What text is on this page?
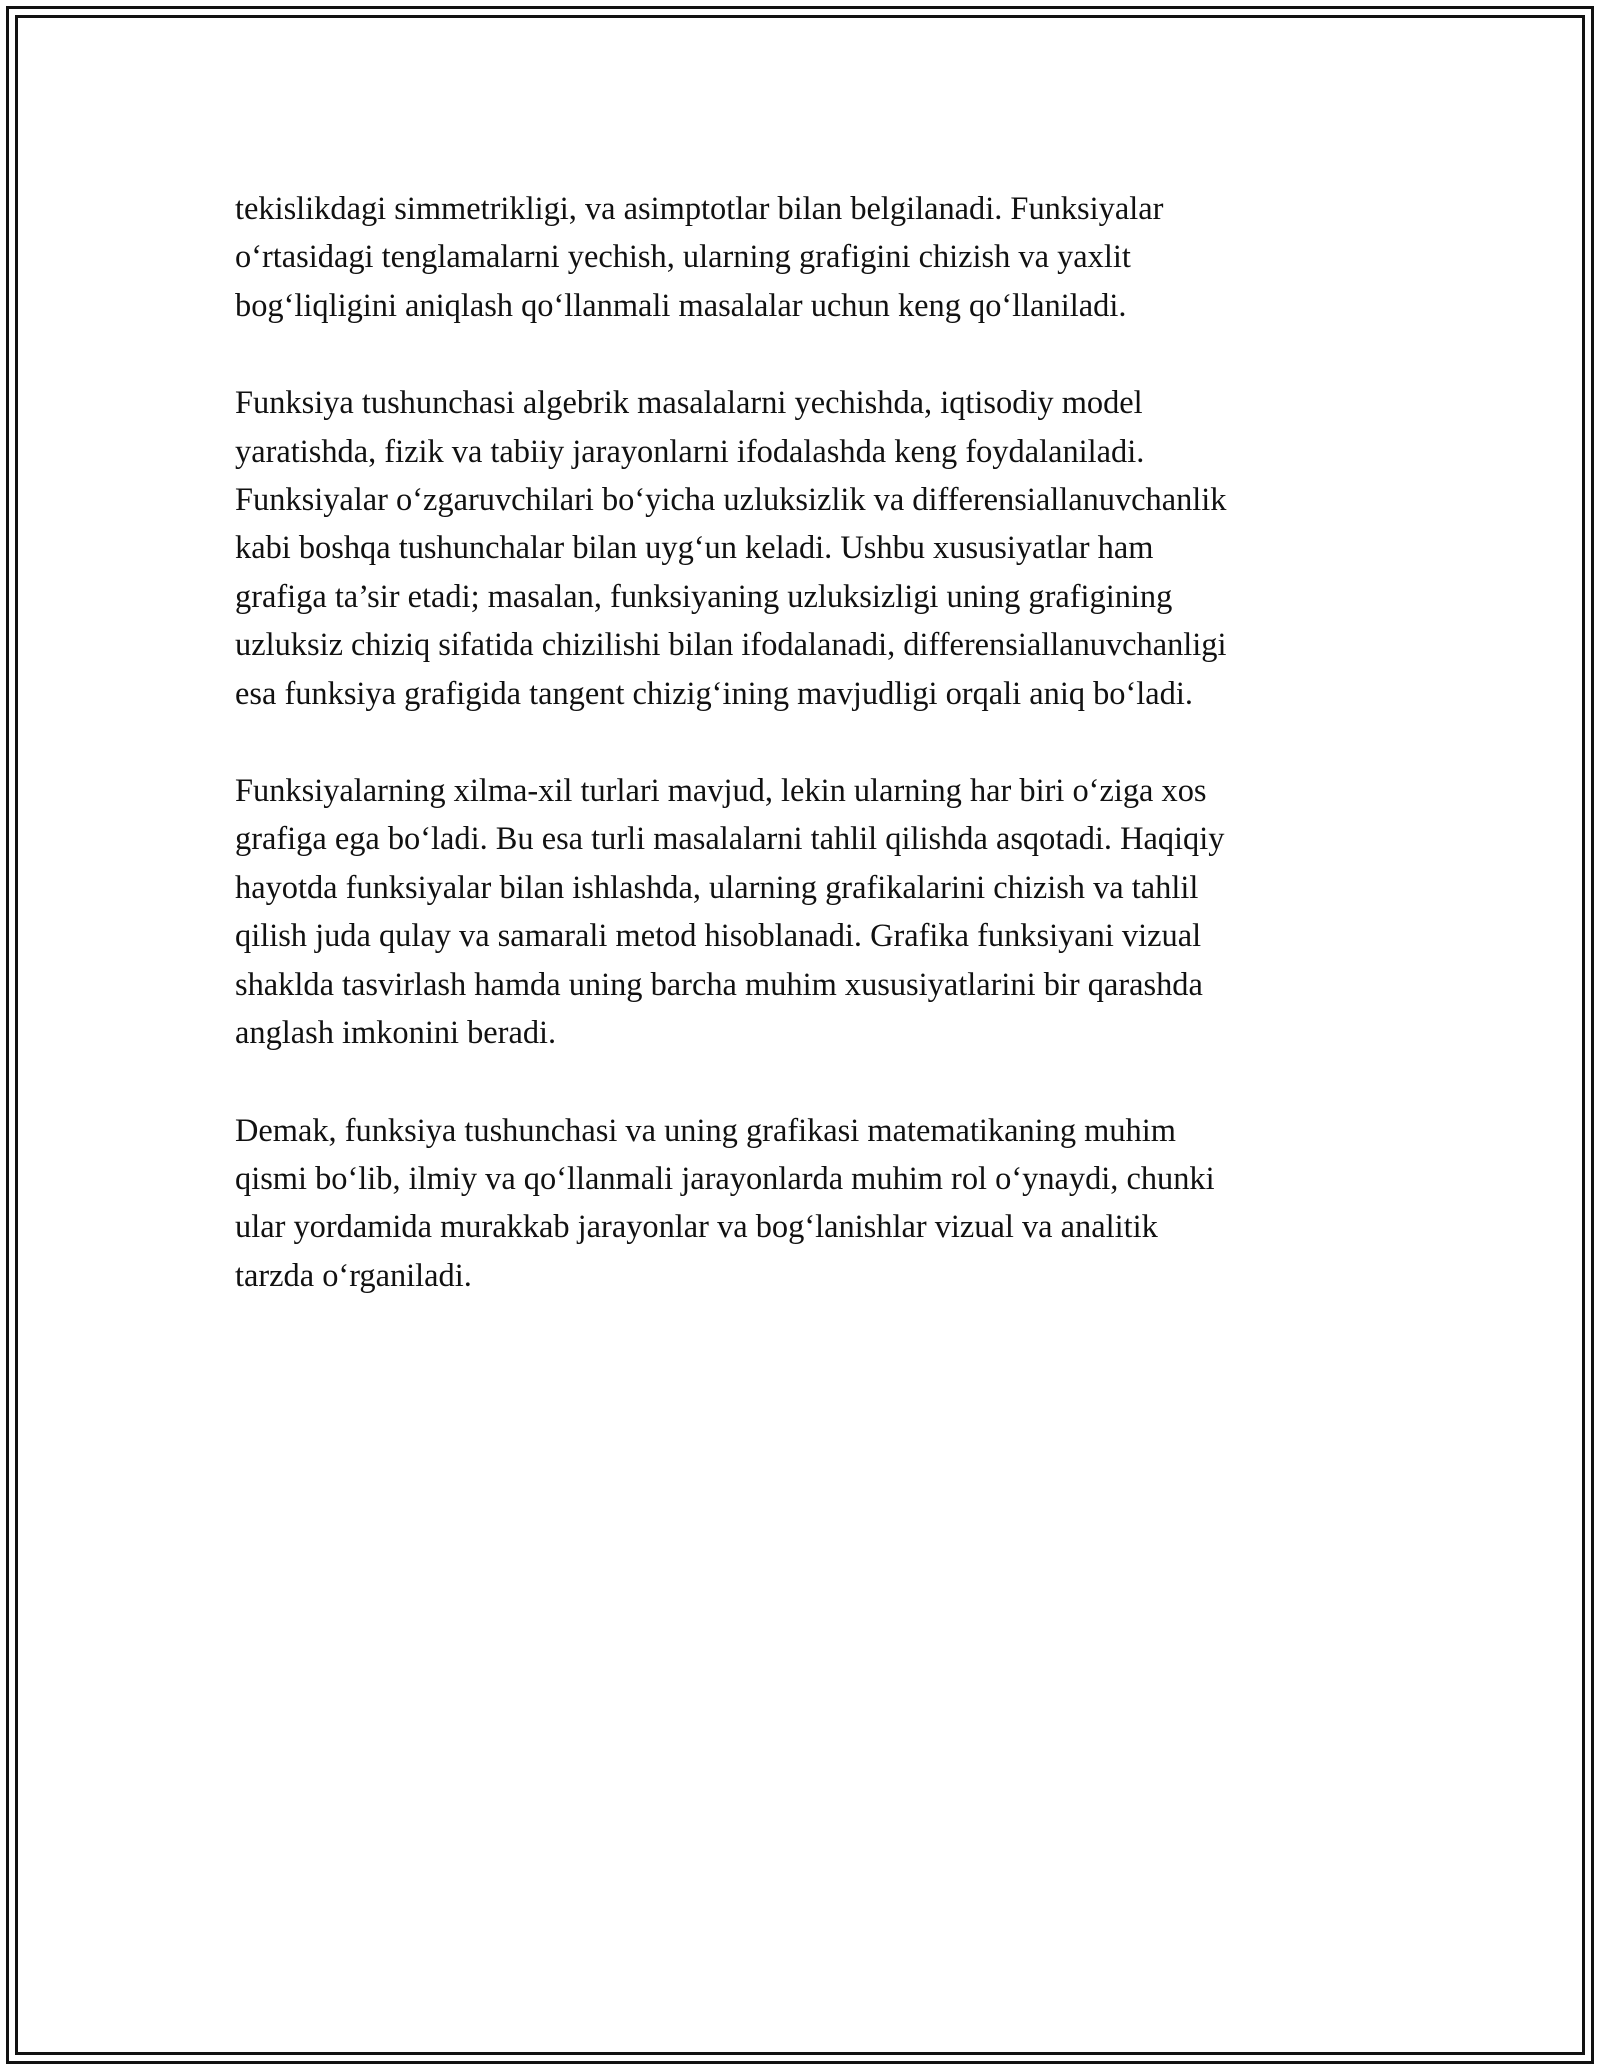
tekislikdagi simmetrikligi, va asimptotlar bilan belgilanadi. Funksiyalar
o‘rtasidagi tenglamalarni yechish, ularning grafigini chizish va yaxlit
bog‘liqligini aniqlash qo‘llanmali masalalar uchun keng qo‘llaniladi.

Funksiya tushunchasi algebrik masalalarni yechishda, iqtisodiy model
yaratishda, fizik va tabiiy jarayonlarni ifodalashda keng foydalaniladi.
Funksiyalar o‘zgaruvchilari bo‘yicha uzluksizlik va differensiallanuvchanlik
kabi boshqa tushunchalar bilan uyg‘un keladi. Ushbu xususiyatlar ham
grafiga ta’sir etadi; masalan, funksiyaning uzluksizligi uning grafigining
uzluksiz chiziq sifatida chizilishi bilan ifodalanadi, differensiallanuvchanligi
esa funksiya grafigida tangent chizig‘ining mavjudligi orqali aniq bo‘ladi.

Funksiyalarning xilma-xil turlari mavjud, lekin ularning har biri o‘ziga xos
grafiga ega bo‘ladi. Bu esa turli masalalarni tahlil qilishda asqotadi. Haqiqiy
hayotda funksiyalar bilan ishlashda, ularning grafikalarini chizish va tahlil
qilish juda qulay va samarali metod hisoblanadi. Grafika funksiyani vizual
shaklda tasvirlash hamda uning barcha muhim xususiyatlarini bir qarashda
anglash imkonini beradi.

Demak, funksiya tushunchasi va uning grafikasi matematikaning muhim
qismi bo‘lib, ilmiy va qo‘llanmali jarayonlarda muhim rol o‘ynaydi, chunki
ular yordamida murakkab jarayonlar va bog‘lanishlar vizual va analitik
tarzda o‘rganiladi.
